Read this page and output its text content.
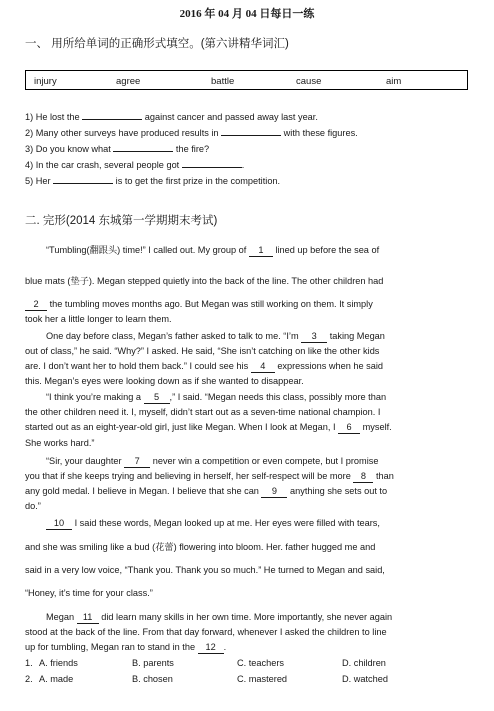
2016 年 04 月 04 日每日一练
一、 用所给单词的正确形式填空。(第六讲精华词汇)
injury	agree	battle	cause	aim
1) He lost the	against cancer and passed away last year.
2) Many other surveys have produced results in	with these figures.
3) Do you know what	the fire?
4) In the car crash, several people got	.
5) Her	is to get the first prize in the competition.
二. 完形(2014 东城第一学期期末考试)
“Tumbling(翻跟头) time!” I called out. My group of 1 lined up before the sea of
blue mats (垫子). Megan stepped quietly into the back of the line. The other children had
2 the tumbling moves months ago. But Megan was still working on them. It simply
took her a little longer to learn them.
One day before class, Megan’s father asked to talk to me. “I’m 3 taking Megan
out of class,” he said. “Why?” I asked. He said, “She isn’t catching on like the other kids
are. I don’t want her to hold them back.” I could see his 4 expressions when he said
this. Megan’s eyes were looking down as if she wanted to disappear.
“I think you’re making a 5 ,” I said. “Megan needs this class, possibly more than
the other children need it. I, myself, didn’t start out as a seven-time national champion. I
started out as an eight-year-old girl, just like Megan. When I look at Megan, I 6 myself.
She works hard.”
“Sir, your daughter 7 never win a competition or even compete, but I promise
you that if she keeps trying and believing in herself, her self-respect will be more 8 than
any gold medal. I believe in Megan. I believe that she can 9 anything she sets out to
do.”
10 I said these words, Megan looked up at me. Her eyes were filled with tears,
and she was smiling like a bud (花蕾) flowering into bloom. Her. father hugged me and
said in a very low voice, “Thank you. Thank you so much.” He turned to Megan and said,
“Honey, it’s time for your class.”
Megan 11 did learn many skills in her own time. More importantly, she never again
stood at the back of the line. From that day forward, whenever I asked the children to line
up for tumbling, Megan ran to stand in the 12 .
1. A. friends	B. parents	C. teachers	D. children
2. A. made	B. chosen	C. mastered	D. watched
